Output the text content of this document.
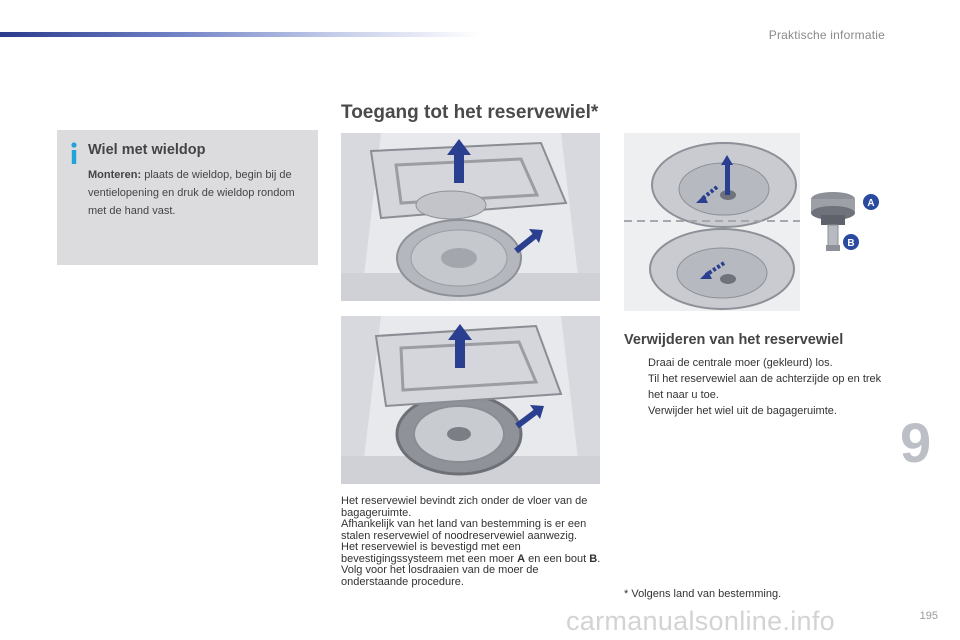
Praktische informatie
Toegang tot het reservewiel*
Wiel met wieldop
Monteren: plaats de wieldop, begin bij de ventielopening en druk de wieldop rondom met de hand vast.
A
B

Het reservewiel bevindt zich onder de vloer van de bagageruimte.

Afhankelijk van het land van bestemming is er een stalen reservewiel of noodreservewiel aanwezig.

Het reservewiel is bevestigd met een bevestigingssysteem met een moer A en een bout B. Volg voor het losdraaien van de moer de onderstaande procedure.

Verwijderen van het reservewiel
Draai de centrale moer (gekleurd) los.
Til het reservewiel aan de achterzijde op en trek het naar u toe.
Verwijder het wiel uit de bagageruimte.
* Volgens land van bestemming.
9
195
carmanualsonline.info
